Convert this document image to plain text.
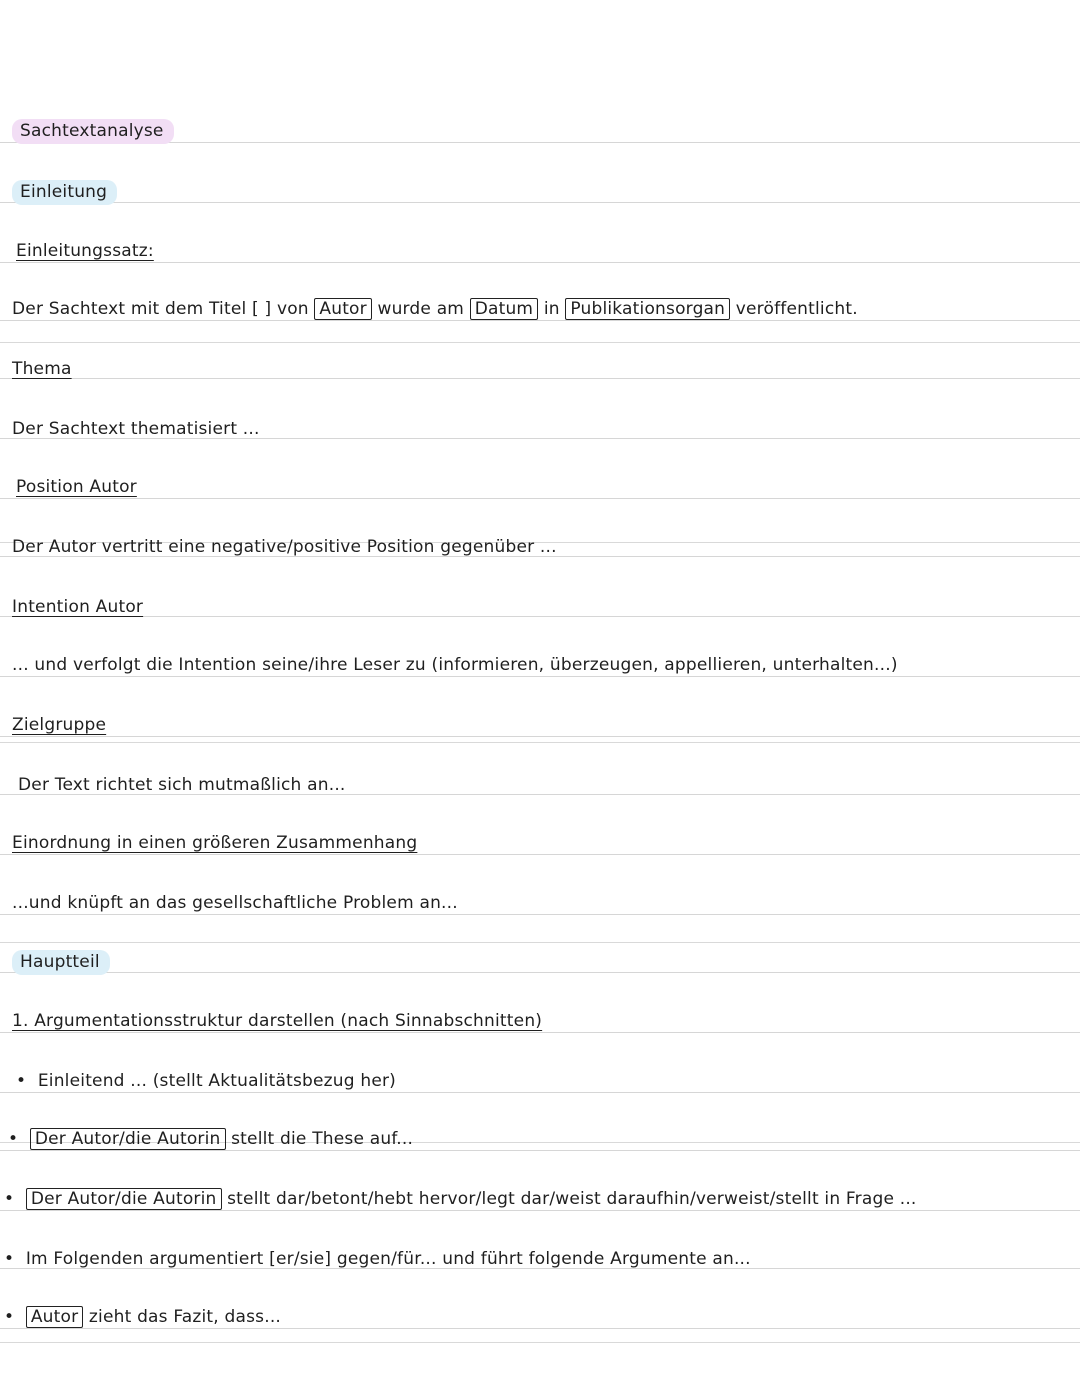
Sachtextanalyse
Einleitung
Einleitungssatz:
Der Sachtext mit dem Titel [ ] von Autor wurde am Datum in Publikationsorgan veröffentlicht.
Thema
Der Sachtext thematisiert ...
Position Autor
Der Autor vertritt eine negative/positive Position gegenüber ...
Intention Autor
... und verfolgt die Intention seine/ihre Leser zu (informieren, überzeugen, appellieren, unterhalten...)
Zielgruppe
Der Text richtet sich mutmaßlich an...
Einordnung in einen größeren Zusammenhang
...und knüpft an das gesellschaftliche Problem an...
Hauptteil
1. Argumentationsstruktur darstellen (nach Sinnabschnitten)
• Einleitend ... (stellt Aktualitätsbezug her)
• Der Autor/die Autorin stellt die These auf...
• Der Autor/die Autorin stellt dar/betont/hebt hervor/legt dar/weist daraufhin/verweist/stellt in Frage ...
• Im Folgenden argumentiert [er/sie] gegen/für... und führt folgende Argumente an...
• Autor zieht das Fazit, dass...
